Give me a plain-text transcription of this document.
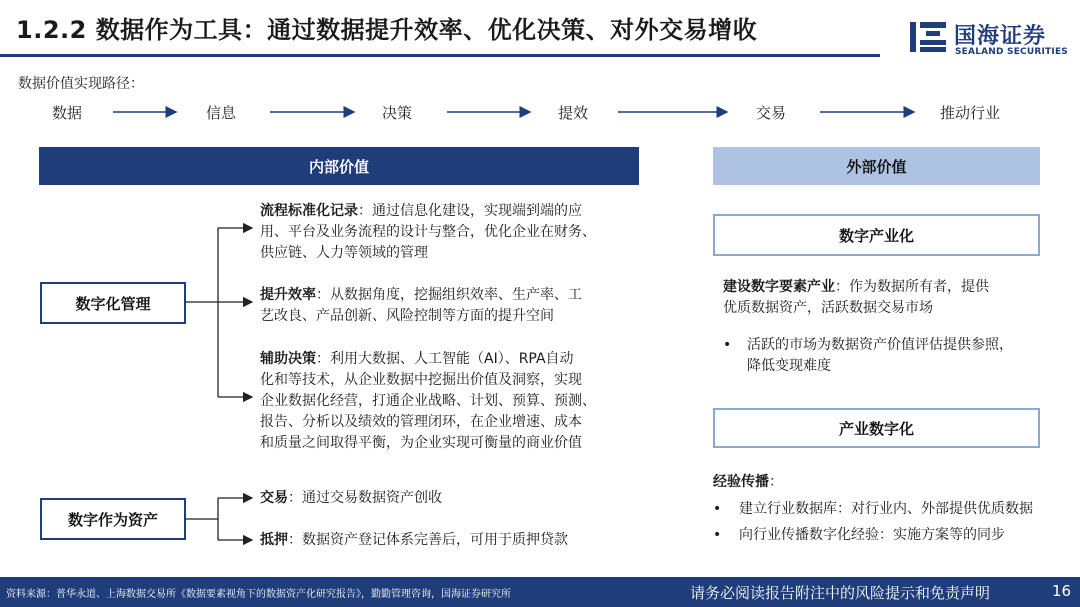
1.2.2 数据作为工具：通过数据提升效率、优化决策、对外交易增收	国海证券
SEALAND SECURITIES
数据价值实现路径：
数据	信息	决策	提效	交易	推动行业
内部价值	外部价值
数字化管理
数字作为资产
流程标准化记录：通过信息化建设，实现端到端的应
用、平台及业务流程的设计与整合，优化企业在财务、
供应链、人力等领域的管理
提升效率：从数据角度，挖掘组织效率、生产率、工
艺改良、产品创新、风险控制等方面的提升空间
辅助决策：利用大数据、人工智能（AI）、RPA自动
化和等技术，从企业数据中挖掘出价值及洞察，实现
企业数据化经营，打通企业战略、计划、预算、预测、
报告、分析以及绩效的管理闭环，在企业增速、成本
和质量之间取得平衡，为企业实现可衡量的商业价值
交易：通过交易数据资产创收
抵押：数据资产登记体系完善后，可用于质押贷款
数字产业化
建设数字要素产业：作为数据所有者，提供
优质数据资产，活跃数据交易市场
•	活跃的市场为数据资产价值评估提供参照，
降低变现难度
产业数字化
经验传播：
•	建立行业数据库：对行业内、外部提供优质数据
•	向行业传播数字化经验：实施方案等的同步
资料来源：普华永道、上海数据交易所《数据要素视角下的数据资产化研究报告》，勤勤管理咨询，国海证券研究所	请务必阅读报告附注中的风险提示和免责声明	16
